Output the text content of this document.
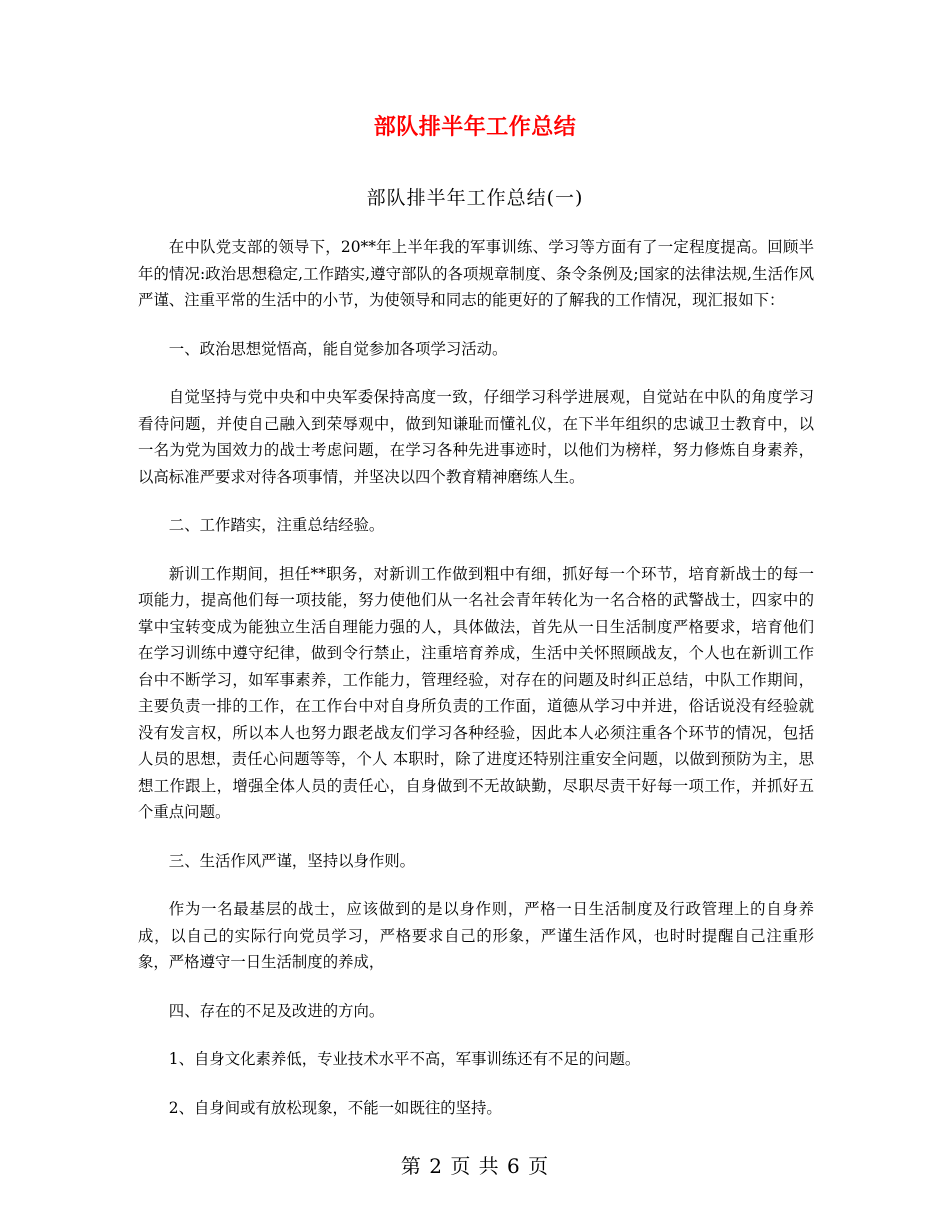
部队排半年工作总结
部队排半年工作总结(一)

在中队党支部的领导下，20**年上半年我的军事训练、学习等方面有了一定程度提高。回顾半年的情况:政治思想稳定,工作踏实,遵守部队的各项规章制度、条令条例及;国家的法律法规,生活作风严谨、注重平常的生活中的小节，为使领导和同志的能更好的了解我的工作情况，现汇报如下：

一、政治思想觉悟高，能自觉参加各项学习活动。

自觉坚持与党中央和中央军委保持高度一致，仔细学习科学进展观，自觉站在中队的角度学习看待问题，并使自己融入到荣辱观中，做到知谦耻而懂礼仪，在下半年组织的忠诚卫士教育中，以一名为党为国效力的战士考虑问题，在学习各种先进事迹时，以他们为榜样，努力修炼自身素养，以高标准严要求对待各项事情，并坚决以四个教育精神磨练人生。

二、工作踏实，注重总结经验。

新训工作期间，担任**职务，对新训工作做到粗中有细，抓好每一个环节，培育新战士的每一项能力，提高他们每一项技能，努力使他们从一名社会青年转化为一名合格的武警战士，四家中的掌中宝转变成为能独立生活自理能力强的人，具体做法，首先从一日生活制度严格要求，培育他们在学习训练中遵守纪律，做到令行禁止，注重培育养成，生活中关怀照顾战友，个人也在新训工作台中不断学习，如军事素养，工作能力，管理经验，对存在的问题及时纠正总结，中队工作期间，主要负责一排的工作，在工作台中对自身所负责的工作面，道德从学习中并进，俗话说没有经验就没有发言权，所以本人也努力跟老战友们学习各种经验，因此本人必须注重各个环节的情况，包括人员的思想，责任心问题等等，个人 本职时，除了进度还特别注重安全问题，以做到预防为主，思想工作跟上，增强全体人员的责任心，自身做到不无故缺勤，尽职尽责干好每一项工作，并抓好五个重点问题。

三、生活作风严谨，坚持以身作则。

作为一名最基层的战士，应该做到的是以身作则，严格一日生活制度及行政管理上的自身养成，以自己的实际行向党员学习，严格要求自己的形象，严谨生活作风，也时时提醒自己注重形象，严格遵守一日生活制度的养成，

四、存在的不足及改进的方向。

1、自身文化素养低，专业技术水平不高，军事训练还有不足的问题。

2、自身间或有放松现象，不能一如既往的坚持。

第 2 页 共 6 页
